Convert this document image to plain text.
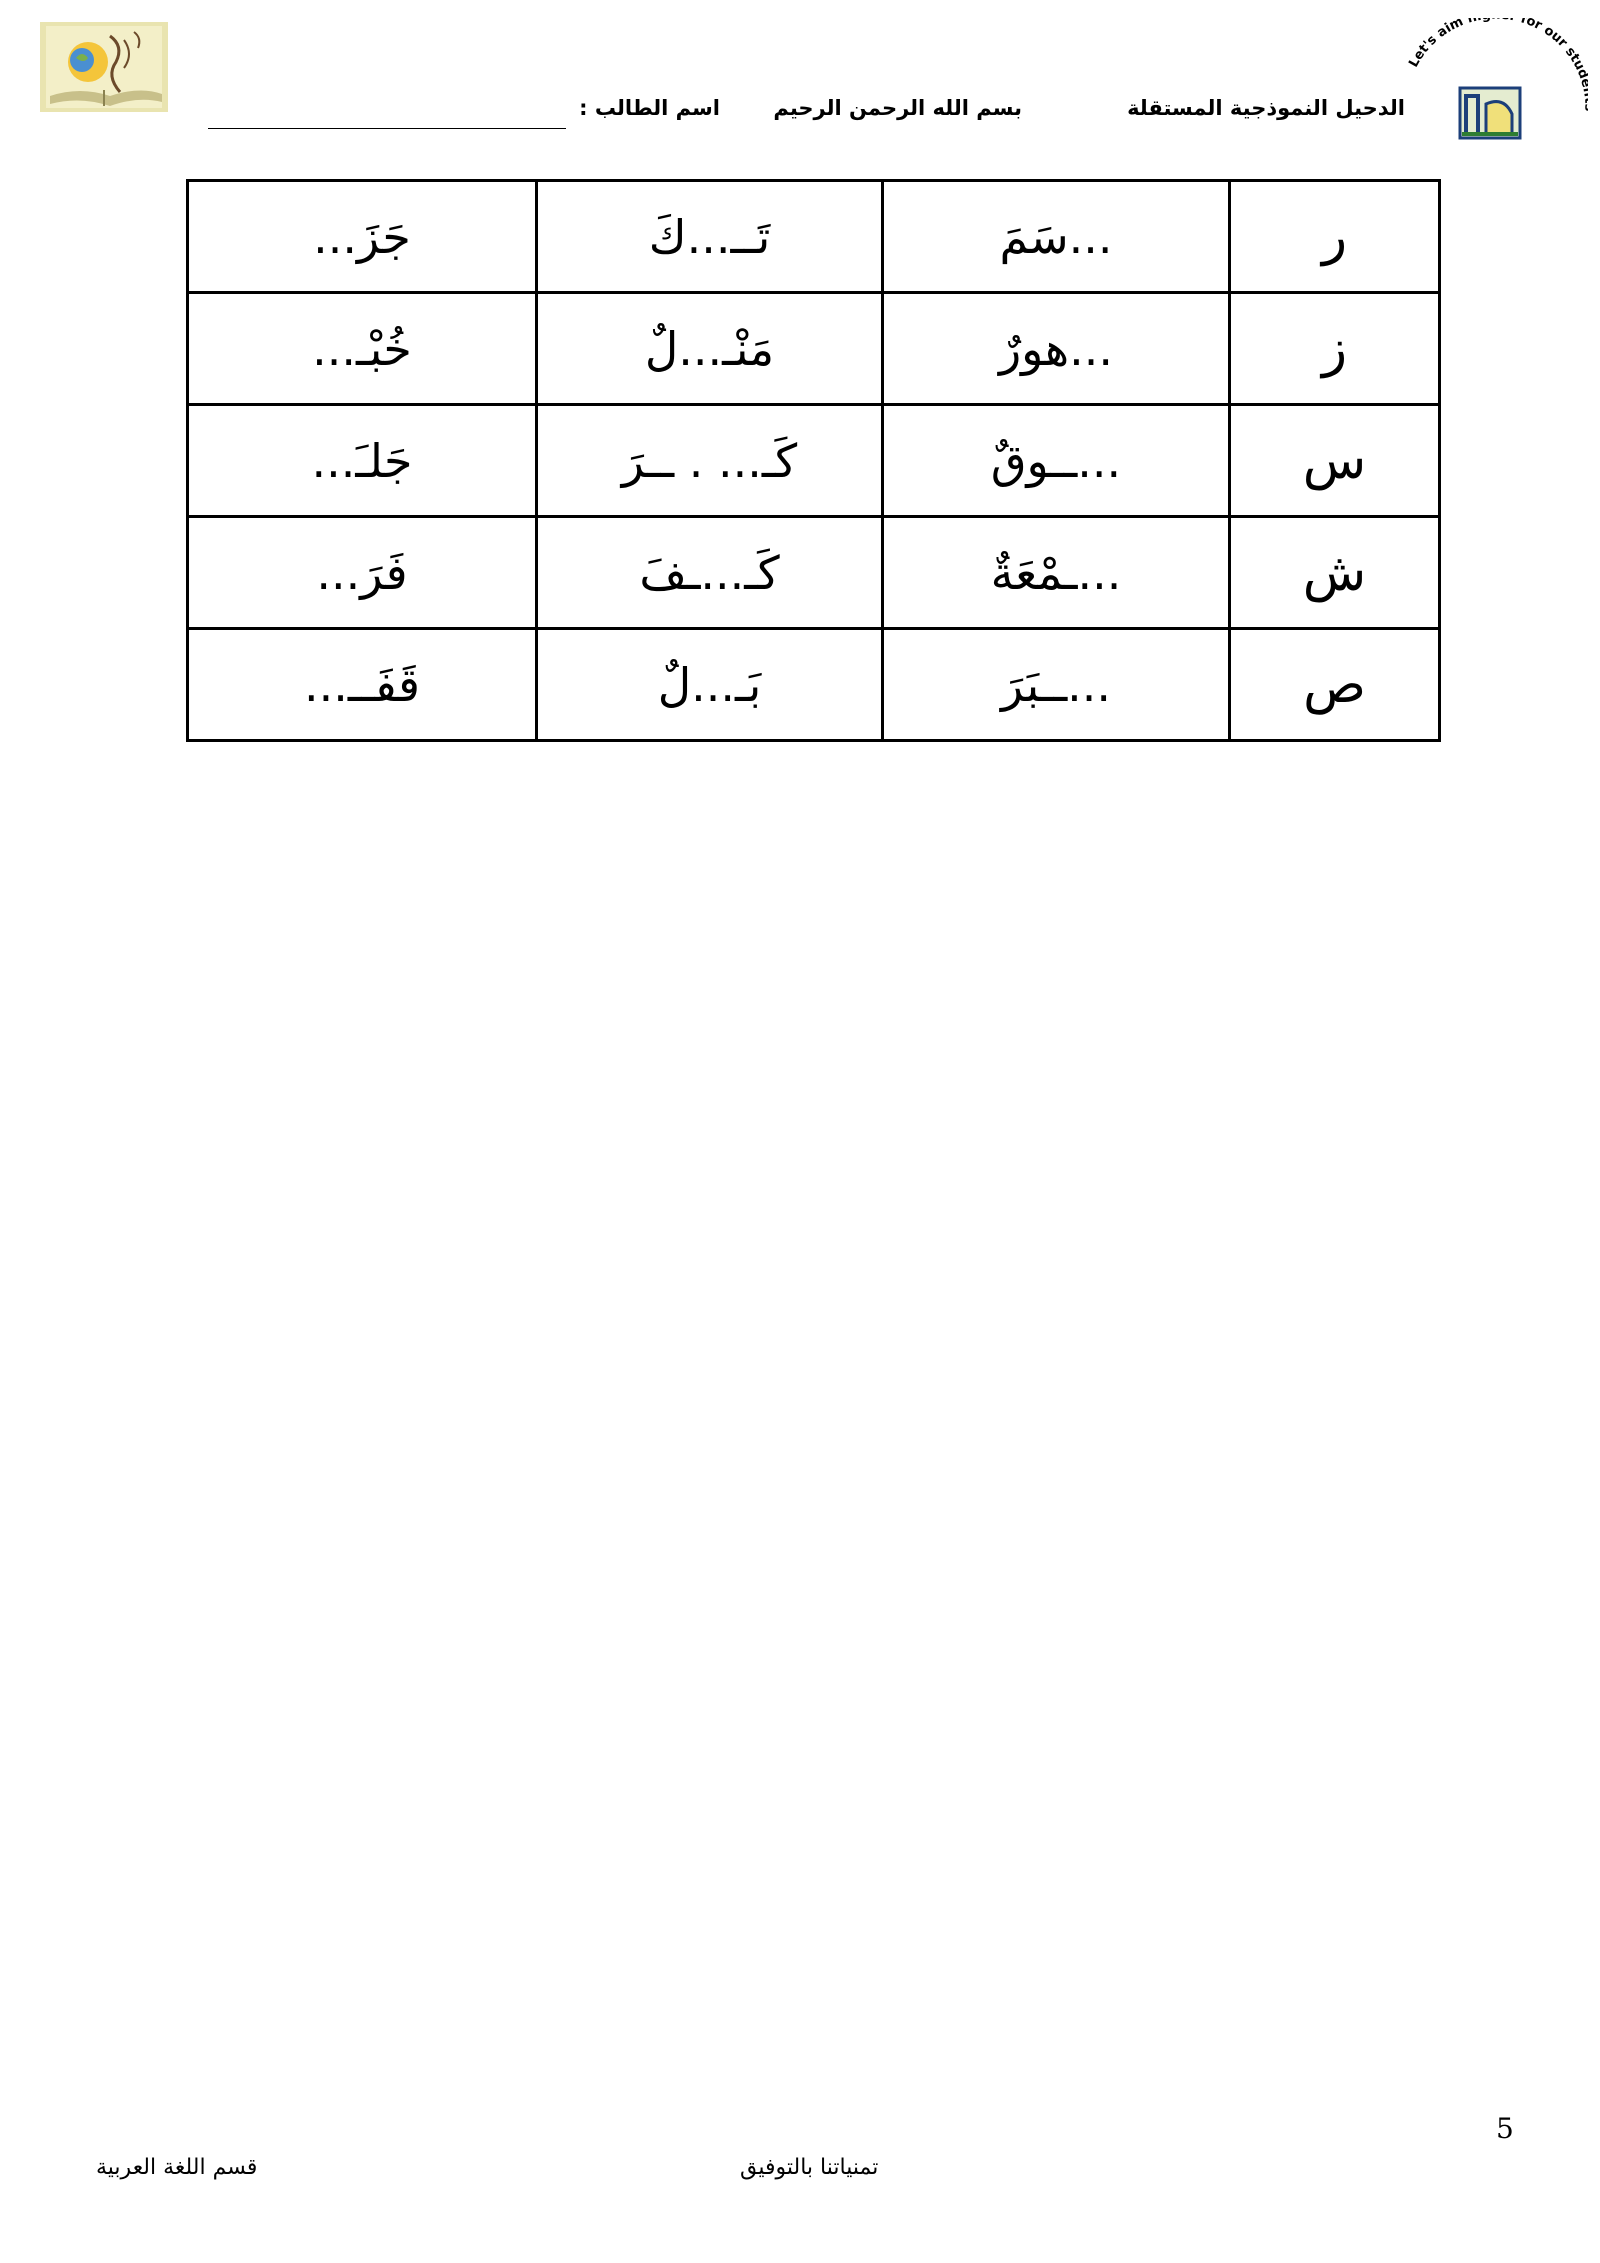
et's aim h for our stu
الدحيل النموذجية المستقلة
بسم الله الرحمن الرحيم
اسم الطالب :
ر	...سَمَ	تَــ...كَ	جَزَ...
ز	...هورٌ	مَنْـ...لٌ	خُبْـ...
س	...ــوقٌ	كَـ... . ــرَ	جَلـَ...
ش	...ـمْعَةٌ	كَـ...ـفَ	فَرَ...
ص	...ــبَرَ	بَـ...لٌ	قَفَــ...
5
تمنياتنا بالتوفيق
قسم اللغة العربية
